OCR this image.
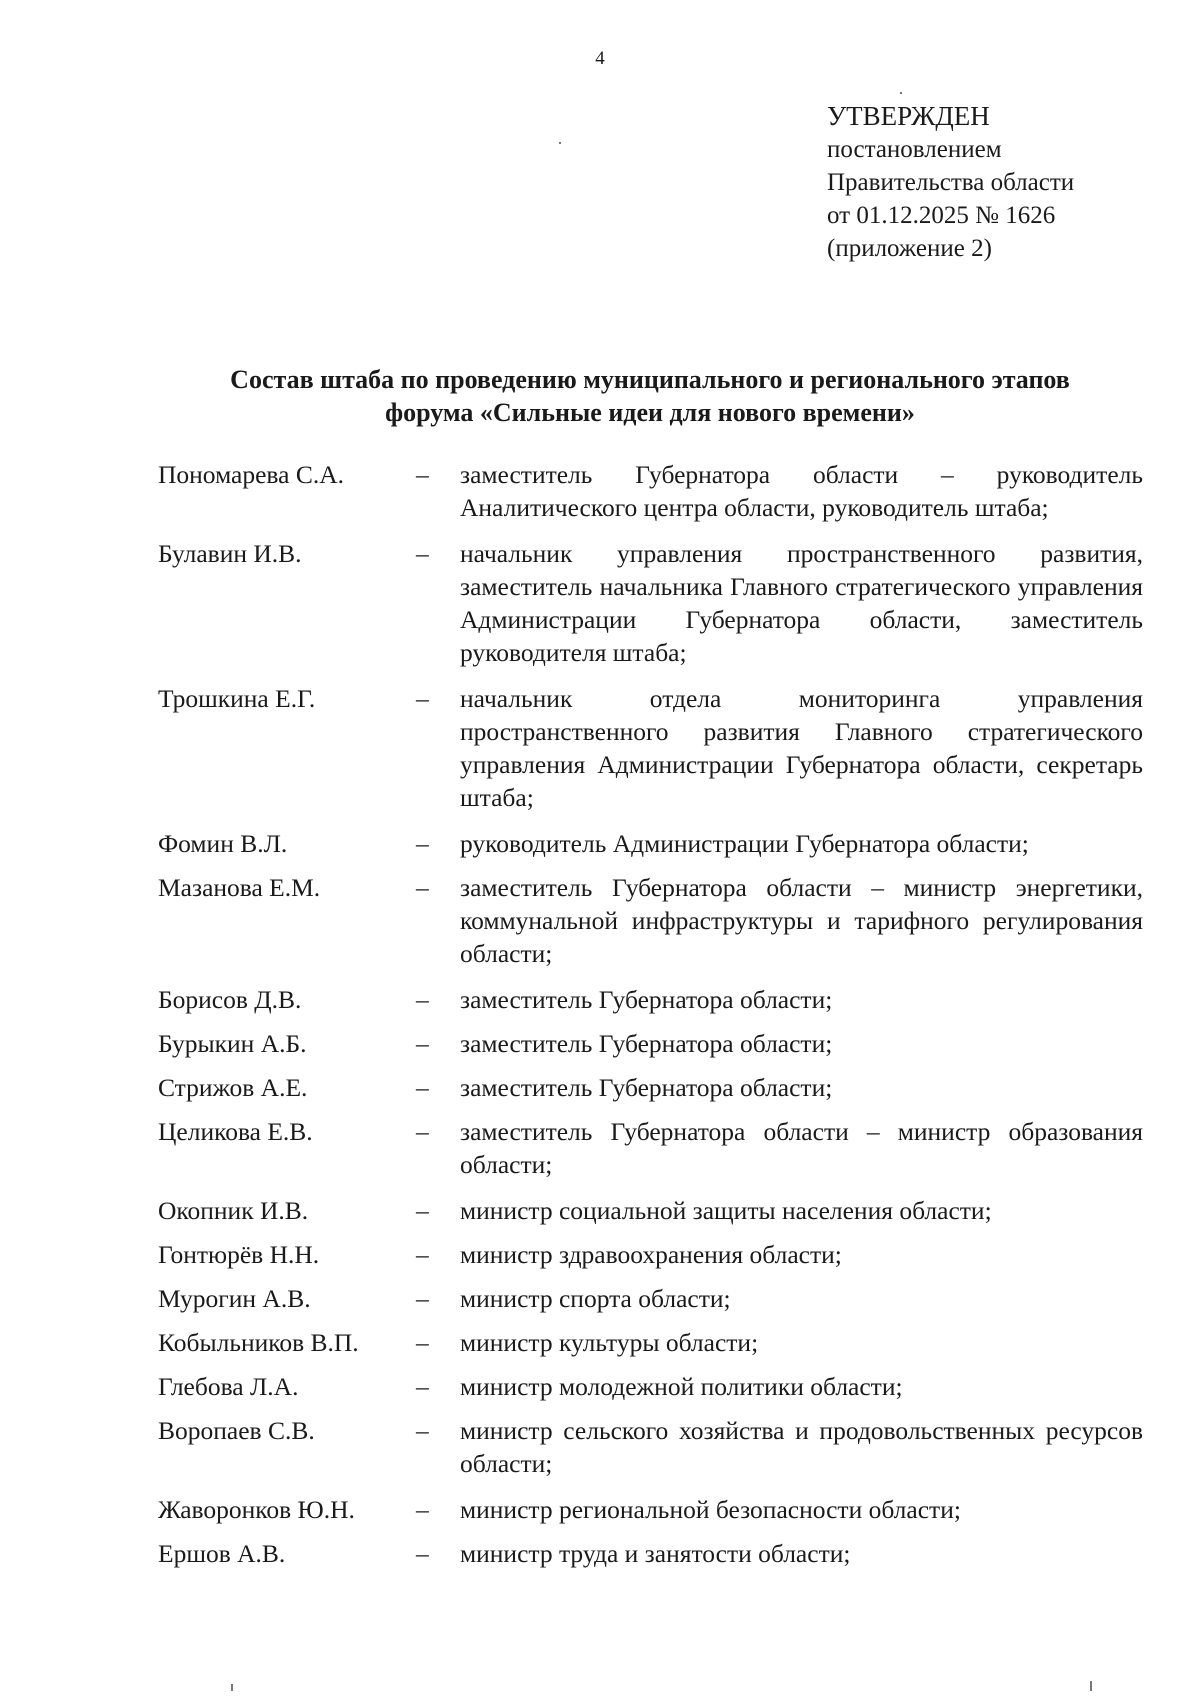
4
УТВЕРЖДЕН
постановлением
Правительства области
от 01.12.2025 № 1626
(приложение 2)
Состав штаба по проведению муниципального и регионального этапов
форума «Сильные идеи для нового времени»
Пономарева С.А.	–	заместитель Губернатора области – руководитель Аналитического центра области, руководитель штаба;
Булавин И.В.	–	начальник управления пространственного развития, заместитель начальника Главного стратегического управления Администрации Губернатора области, заместитель руководителя штаба;
Трошкина Е.Г.	–	начальник отдела мониторинга управления пространственного развития Главного стратегического управления Администрации Губернатора области, секретарь штаба;
Фомин В.Л.	–	руководитель Администрации Губернатора области;
Мазанова Е.М.	–	заместитель Губернатора области – министр энергетики, коммунальной инфраструктуры и тарифного регулирования области;
Борисов Д.В.	–	заместитель Губернатора области;
Бурыкин А.Б.	–	заместитель Губернатора области;
Стрижов А.Е.	–	заместитель Губернатора области;
Целикова Е.В.	–	заместитель Губернатора области – министр образования области;
Окопник И.В.	–	министр социальной защиты населения области;
Гонтюрёв Н.Н.	–	министр здравоохранения области;
Мурогин А.В.	–	министр спорта области;
Кобыльников В.П.	–	министр культуры области;
Глебова Л.А.	–	министр молодежной политики области;
Воропаев С.В.	–	министр сельского хозяйства и продовольственных ресурсов области;
Жаворонков Ю.Н.	–	министр региональной безопасности области;
Ершов А.В.	–	министр труда и занятости области;
